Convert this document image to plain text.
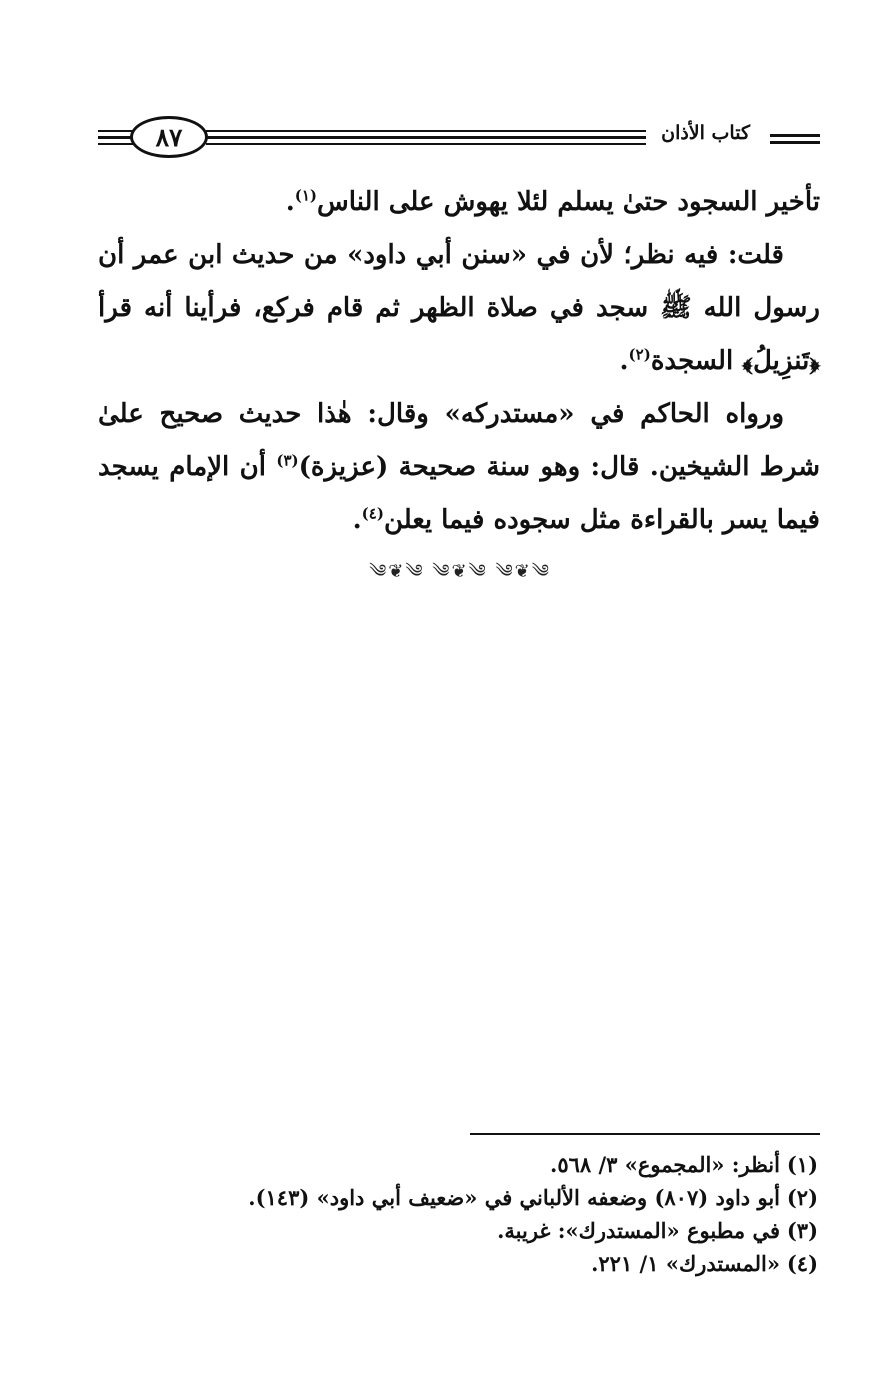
٨٧	كتاب الأذان

تأخير السجود حتىٰ يسلم لئلا يهوش على الناس$^{(١)}$.

قلت: فيه نظر؛ لأن في «سنن أبي داود» من حديث ابن عمر أن رسول الله ﷺ سجد في صلاة الظهر ثم قام فركع، فرأينا أنه قرأ ﴿تَنزِيلُ﴾ السجدة$^{(٢)}$.

ورواه الحاكم في «مستدركه» وقال: هٰذا حديث صحيح علىٰ شرط الشيخين. قال: وهو سنة صحيحة (عزيزة)$^{(٣)}$ أن الإمام يسجد فيما يسر بالقراءة مثل سجوده فيما يعلن$^{(٤)}$.

༄❦༄ ༄❦༄ ༄❦༄
(١)أنظر: «المجموع» ٣/ ٥٦٨.
(٢)أبو داود (٨٠٧) وضعفه الألباني في «ضعيف أبي داود» (١٤٣).
(٣)في مطبوع «المستدرك»: غريبة.
(٤)«المستدرك» ١/ ٢٢١.
